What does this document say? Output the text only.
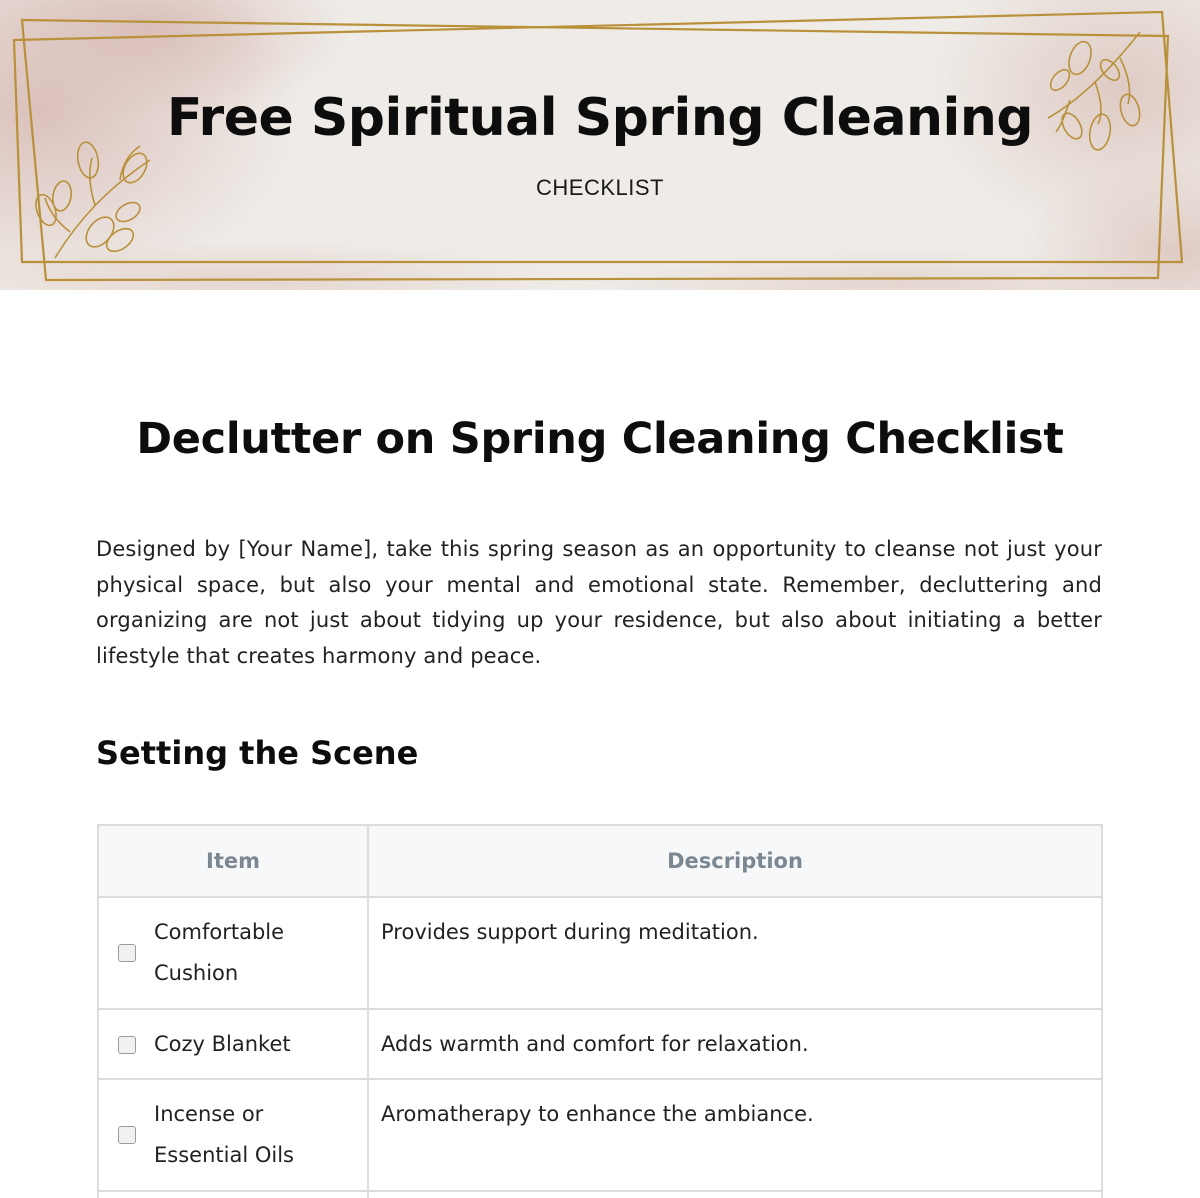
Free Spiritual Spring Cleaning
CHECKLIST
Declutter on Spring Cleaning Checklist

Designed by [Your Name], take this spring season as an opportunity to cleanse not just your physical space, but also your mental and emotional state. Remember, decluttering and organizing are not just about tidying up your residence, but also about initiating a better lifestyle that creates harmony and peace.

Setting the Scene
Item	Description

Comfortable Cushion	Provides support during meditation.

Cozy Blanket	Adds warmth and comfort for relaxation.

Incense or Essential Oils	Aromatherapy to enhance the ambiance.
